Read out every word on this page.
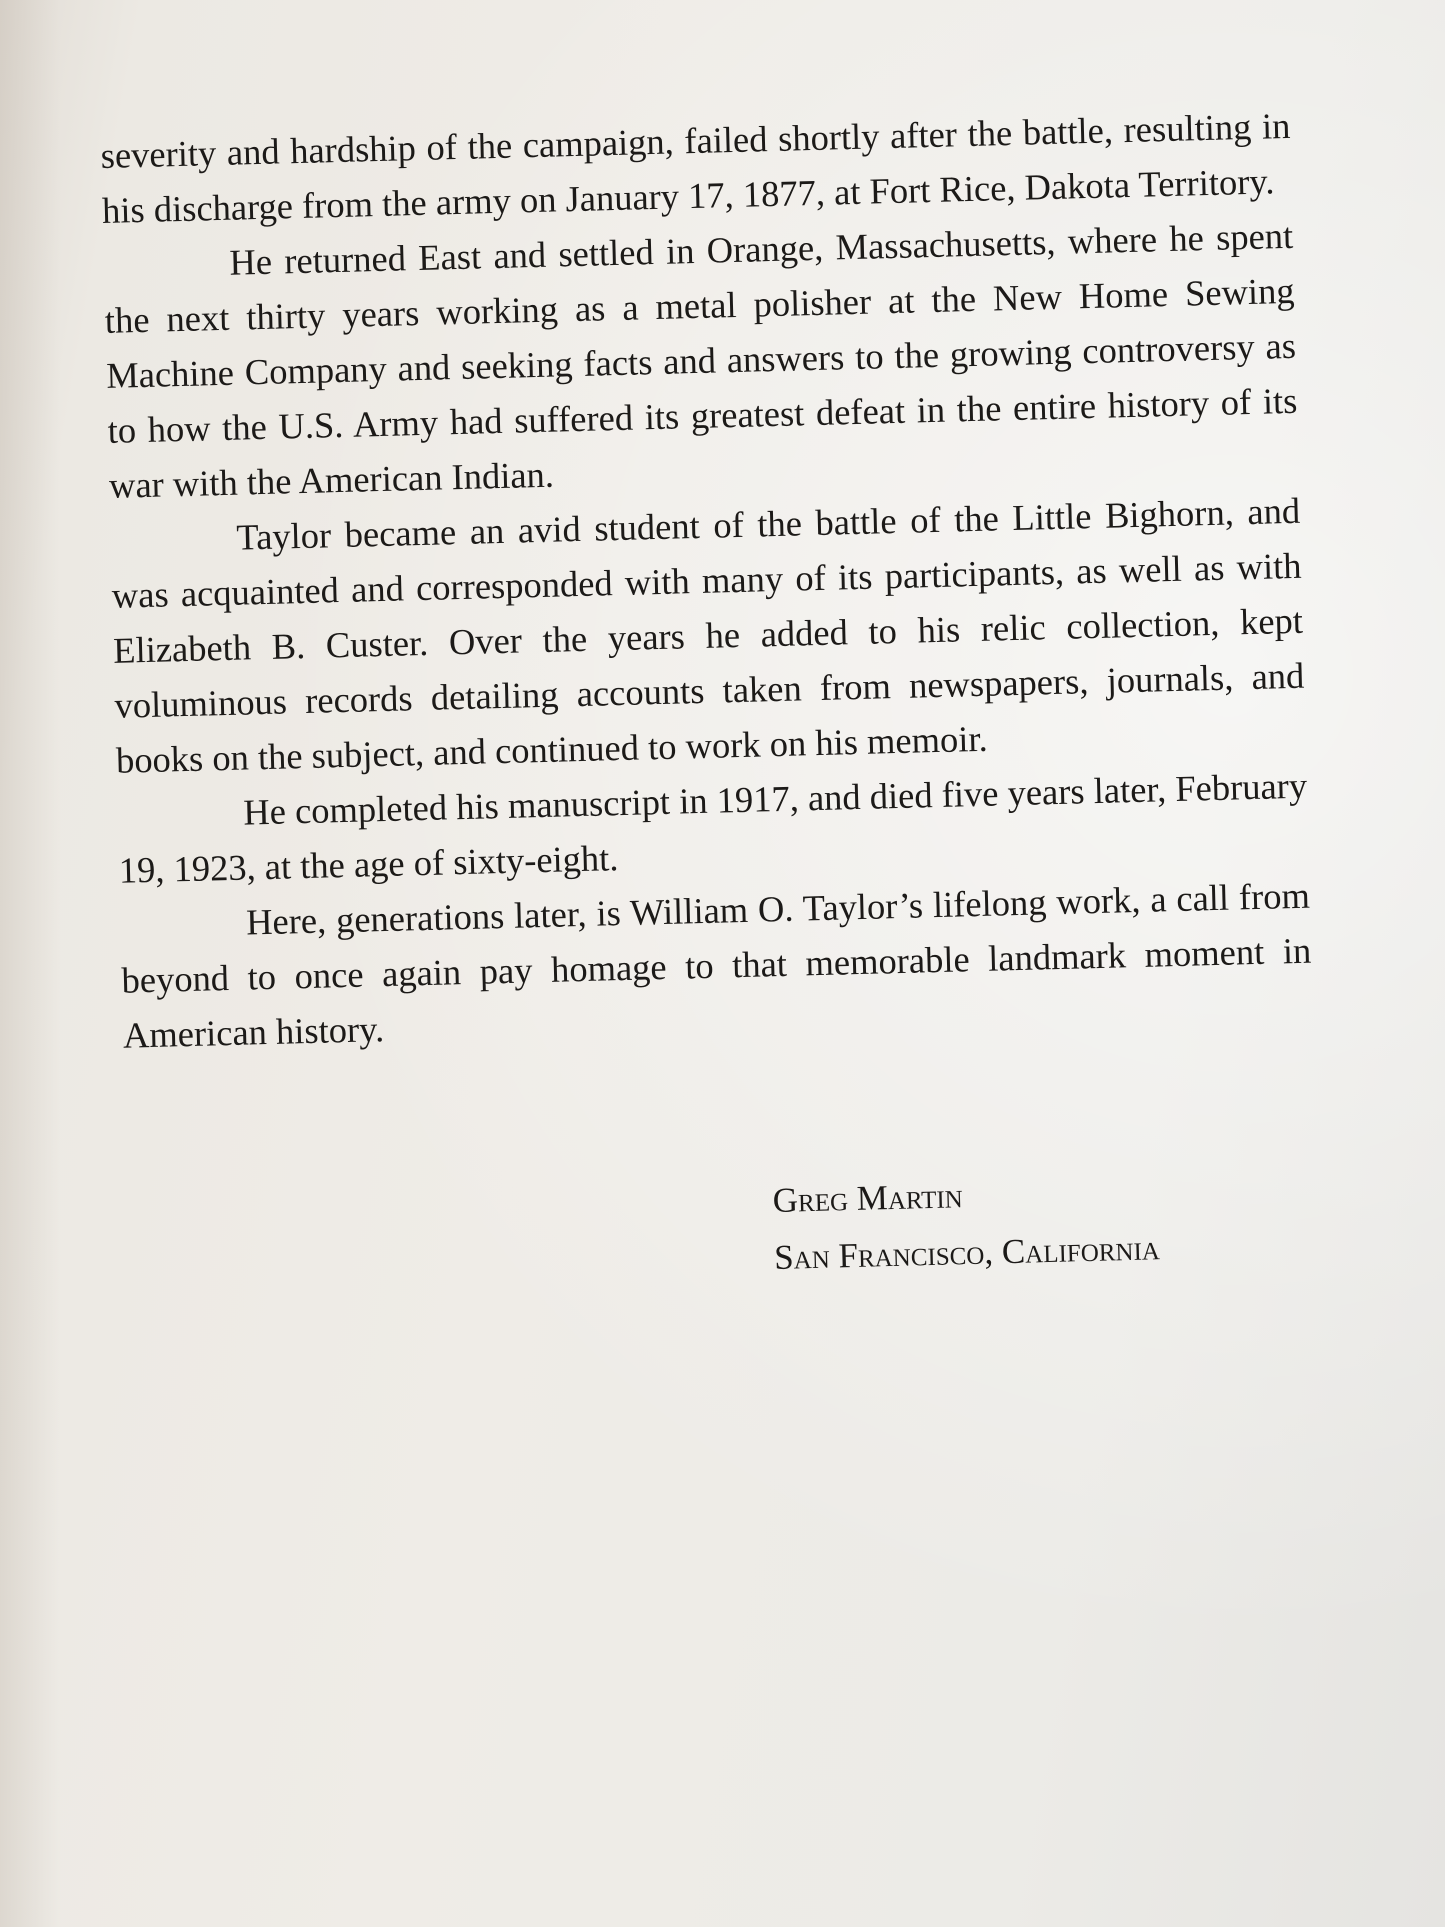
severity and hardship of the campaign, failed shortly after the battle, resulting in his discharge from the army on January 17, 1877, at Fort Rice, Dakota Territory.

He returned East and settled in Orange, Massachusetts, where he spent the next thirty years working as a metal polisher at the New Home Sewing Machine Company and seeking facts and answers to the growing controversy as to how the U.S. Army had suffered its greatest defeat in the entire history of its war with the American Indian.

Taylor became an avid student of the battle of the Little Bighorn, and was acquainted and corresponded with many of its participants, as well as with Elizabeth B. Custer. Over the years he added to his relic collection, kept voluminous records detailing accounts taken from newspapers, journals, and books on the subject, and continued to work on his memoir.

He completed his manuscript in 1917, and died five years later, February 19, 1923, at the age of sixty-eight.

Here, generations later, is William O. Taylor’s lifelong work, a call from beyond to once again pay homage to that memorable landmark moment in American history.

Greg Martin
San Francisco, California
